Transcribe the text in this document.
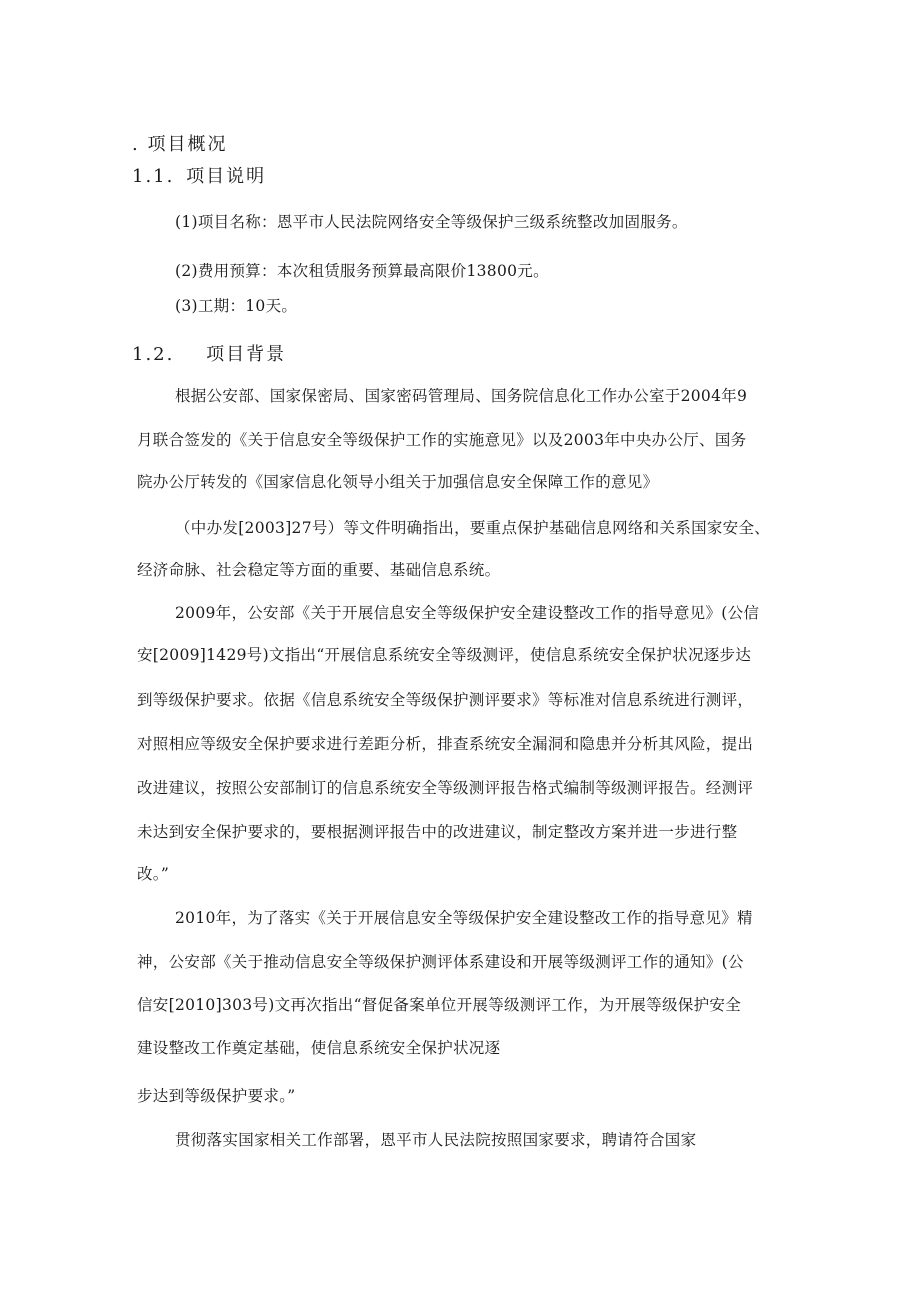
. 项目概况
1.1. 项目说明
(1)项目名称：恩平市人民法院网络安全等级保护三级系统整改加固服务。
(2)费用预算：本次租赁服务预算最高限价13800元。
(3)工期：10天。
1.2. 项目背景
根据公安部、国家保密局、国家密码管理局、国务院信息化工作办公室于2004年9
月联合签发的《关于信息安全等级保护工作的实施意见》以及2003年中央办公厅、国务
院办公厅转发的《国家信息化领导小组关于加强信息安全保障工作的意见》
（中办发[2003]27号）等文件明确指出，要重点保护基础信息网络和关系国家安全、
经济命脉、社会稳定等方面的重要、基础信息系统。
2009年，公安部《关于开展信息安全等级保护安全建设整改工作的指导意见》(公信
安[2009]1429号)文指出“开展信息系统安全等级测评，使信息系统安全保护状况逐步达
到等级保护要求。依据《信息系统安全等级保护测评要求》等标准对信息系统进行测评，
对照相应等级安全保护要求进行差距分析，排查系统安全漏洞和隐患并分析其风险，提出
改进建议，按照公安部制订的信息系统安全等级测评报告格式编制等级测评报告。经测评
未达到安全保护要求的，要根据测评报告中的改进建议，制定整改方案并进一步进行整
改。”
2010年，为了落实《关于开展信息安全等级保护安全建设整改工作的指导意见》精
神，公安部《关于推动信息安全等级保护测评体系建设和开展等级测评工作的通知》(公
信安[2010]303号)文再次指出“督促备案单位开展等级测评工作，为开展等级保护安全
建设整改工作奠定基础，使信息系统安全保护状况逐
步达到等级保护要求。”
贯彻落实国家相关工作部署，恩平市人民法院按照国家要求，聘请符合国家
